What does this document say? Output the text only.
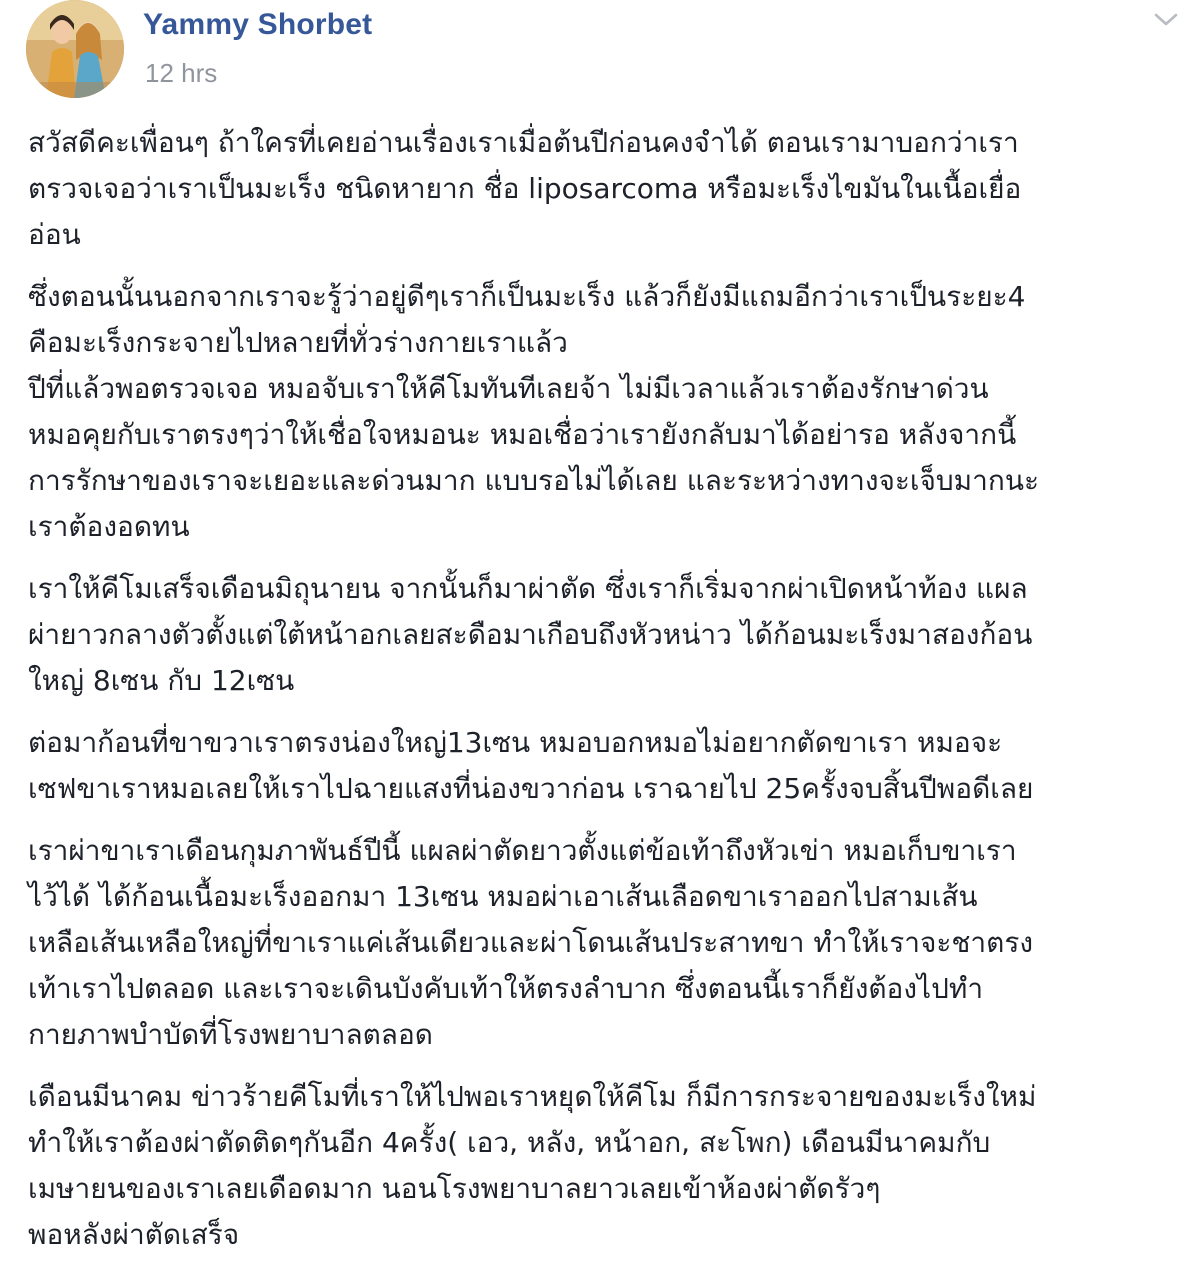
Yammy Shorbet
12 hrs

สวัสดีคะเพื่อนๆ ถ้าใครที่เคยอ่านเรื่องเราเมื่อต้นปีก่อนคงจำได้ ตอนเรามาบอกว่าเรา
ตรวจเจอว่าเราเป็นมะเร็ง ชนิดหายาก ชื่อ liposarcoma หรือมะเร็งไขมันในเนื้อเยื่อ
อ่อน

ซึ่งตอนนั้นนอกจากเราจะรู้ว่าอยู่ดีๆเราก็เป็นมะเร็ง แล้วก็ยังมีแถมอีกว่าเราเป็นระยะ4
คือมะเร็งกระจายไปหลายที่ทั่วร่างกายเราแล้ว
ปีที่แล้วพอตรวจเจอ หมอจับเราให้คีโมทันทีเลยจ้า ไม่มีเวลาแล้วเราต้องรักษาด่วน
หมอคุยกับเราตรงๆว่าให้เชื่อใจหมอนะ หมอเชื่อว่าเรายังกลับมาได้อย่ารอ หลังจากนี้
การรักษาของเราจะเยอะและด่วนมาก แบบรอไม่ได้เลย และระหว่างทางจะเจ็บมากนะ
เราต้องอดทน

เราให้คีโมเสร็จเดือนมิถุนายน จากนั้นก็มาผ่าตัด ซึ่งเราก็เริ่มจากผ่าเปิดหน้าท้อง แผล
ผ่ายาวกลางตัวตั้งแต่ใต้หน้าอกเลยสะดือมาเกือบถึงหัวหน่าว ได้ก้อนมะเร็งมาสองก้อน
ใหญ่ 8เซน กับ 12เซน

ต่อมาก้อนที่ขาขวาเราตรงน่องใหญ่13เซน หมอบอกหมอไม่อยากตัดขาเรา หมอจะ
เซฟขาเราหมอเลยให้เราไปฉายแสงที่น่องขวาก่อน เราฉายไป 25ครั้งจบสิ้นปีพอดีเลย

เราผ่าขาเราเดือนกุมภาพันธ์ปีนี้ แผลผ่าตัดยาวตั้งแต่ข้อเท้าถึงหัวเข่า หมอเก็บขาเรา
ไว้ได้ ได้ก้อนเนื้อมะเร็งออกมา 13เซน หมอผ่าเอาเส้นเลือดขาเราออกไปสามเส้น
เหลือเส้นเหลือใหญ่ที่ขาเราแค่เส้นเดียวและผ่าโดนเส้นประสาทขา ทำให้เราจะชาตรง
เท้าเราไปตลอด และเราจะเดินบังคับเท้าให้ตรงลำบาก ซึ่งตอนนี้เราก็ยังต้องไปทำ
กายภาพบำบัดที่โรงพยาบาลตลอด

เดือนมีนาคม ข่าวร้ายคีโมที่เราให้ไปพอเราหยุดให้คีโม ก็มีการกระจายของมะเร็งใหม่
ทำให้เราต้องผ่าตัดติดๆกันอีก 4ครั้ง( เอว, หลัง, หน้าอก, สะโพก) เดือนมีนาคมกับ
เมษายนของเราเลยเดือดมาก นอนโรงพยาบาลยาวเลยเข้าห้องผ่าตัดรัวๆ
พอหลังผ่าตัดเสร็จ
